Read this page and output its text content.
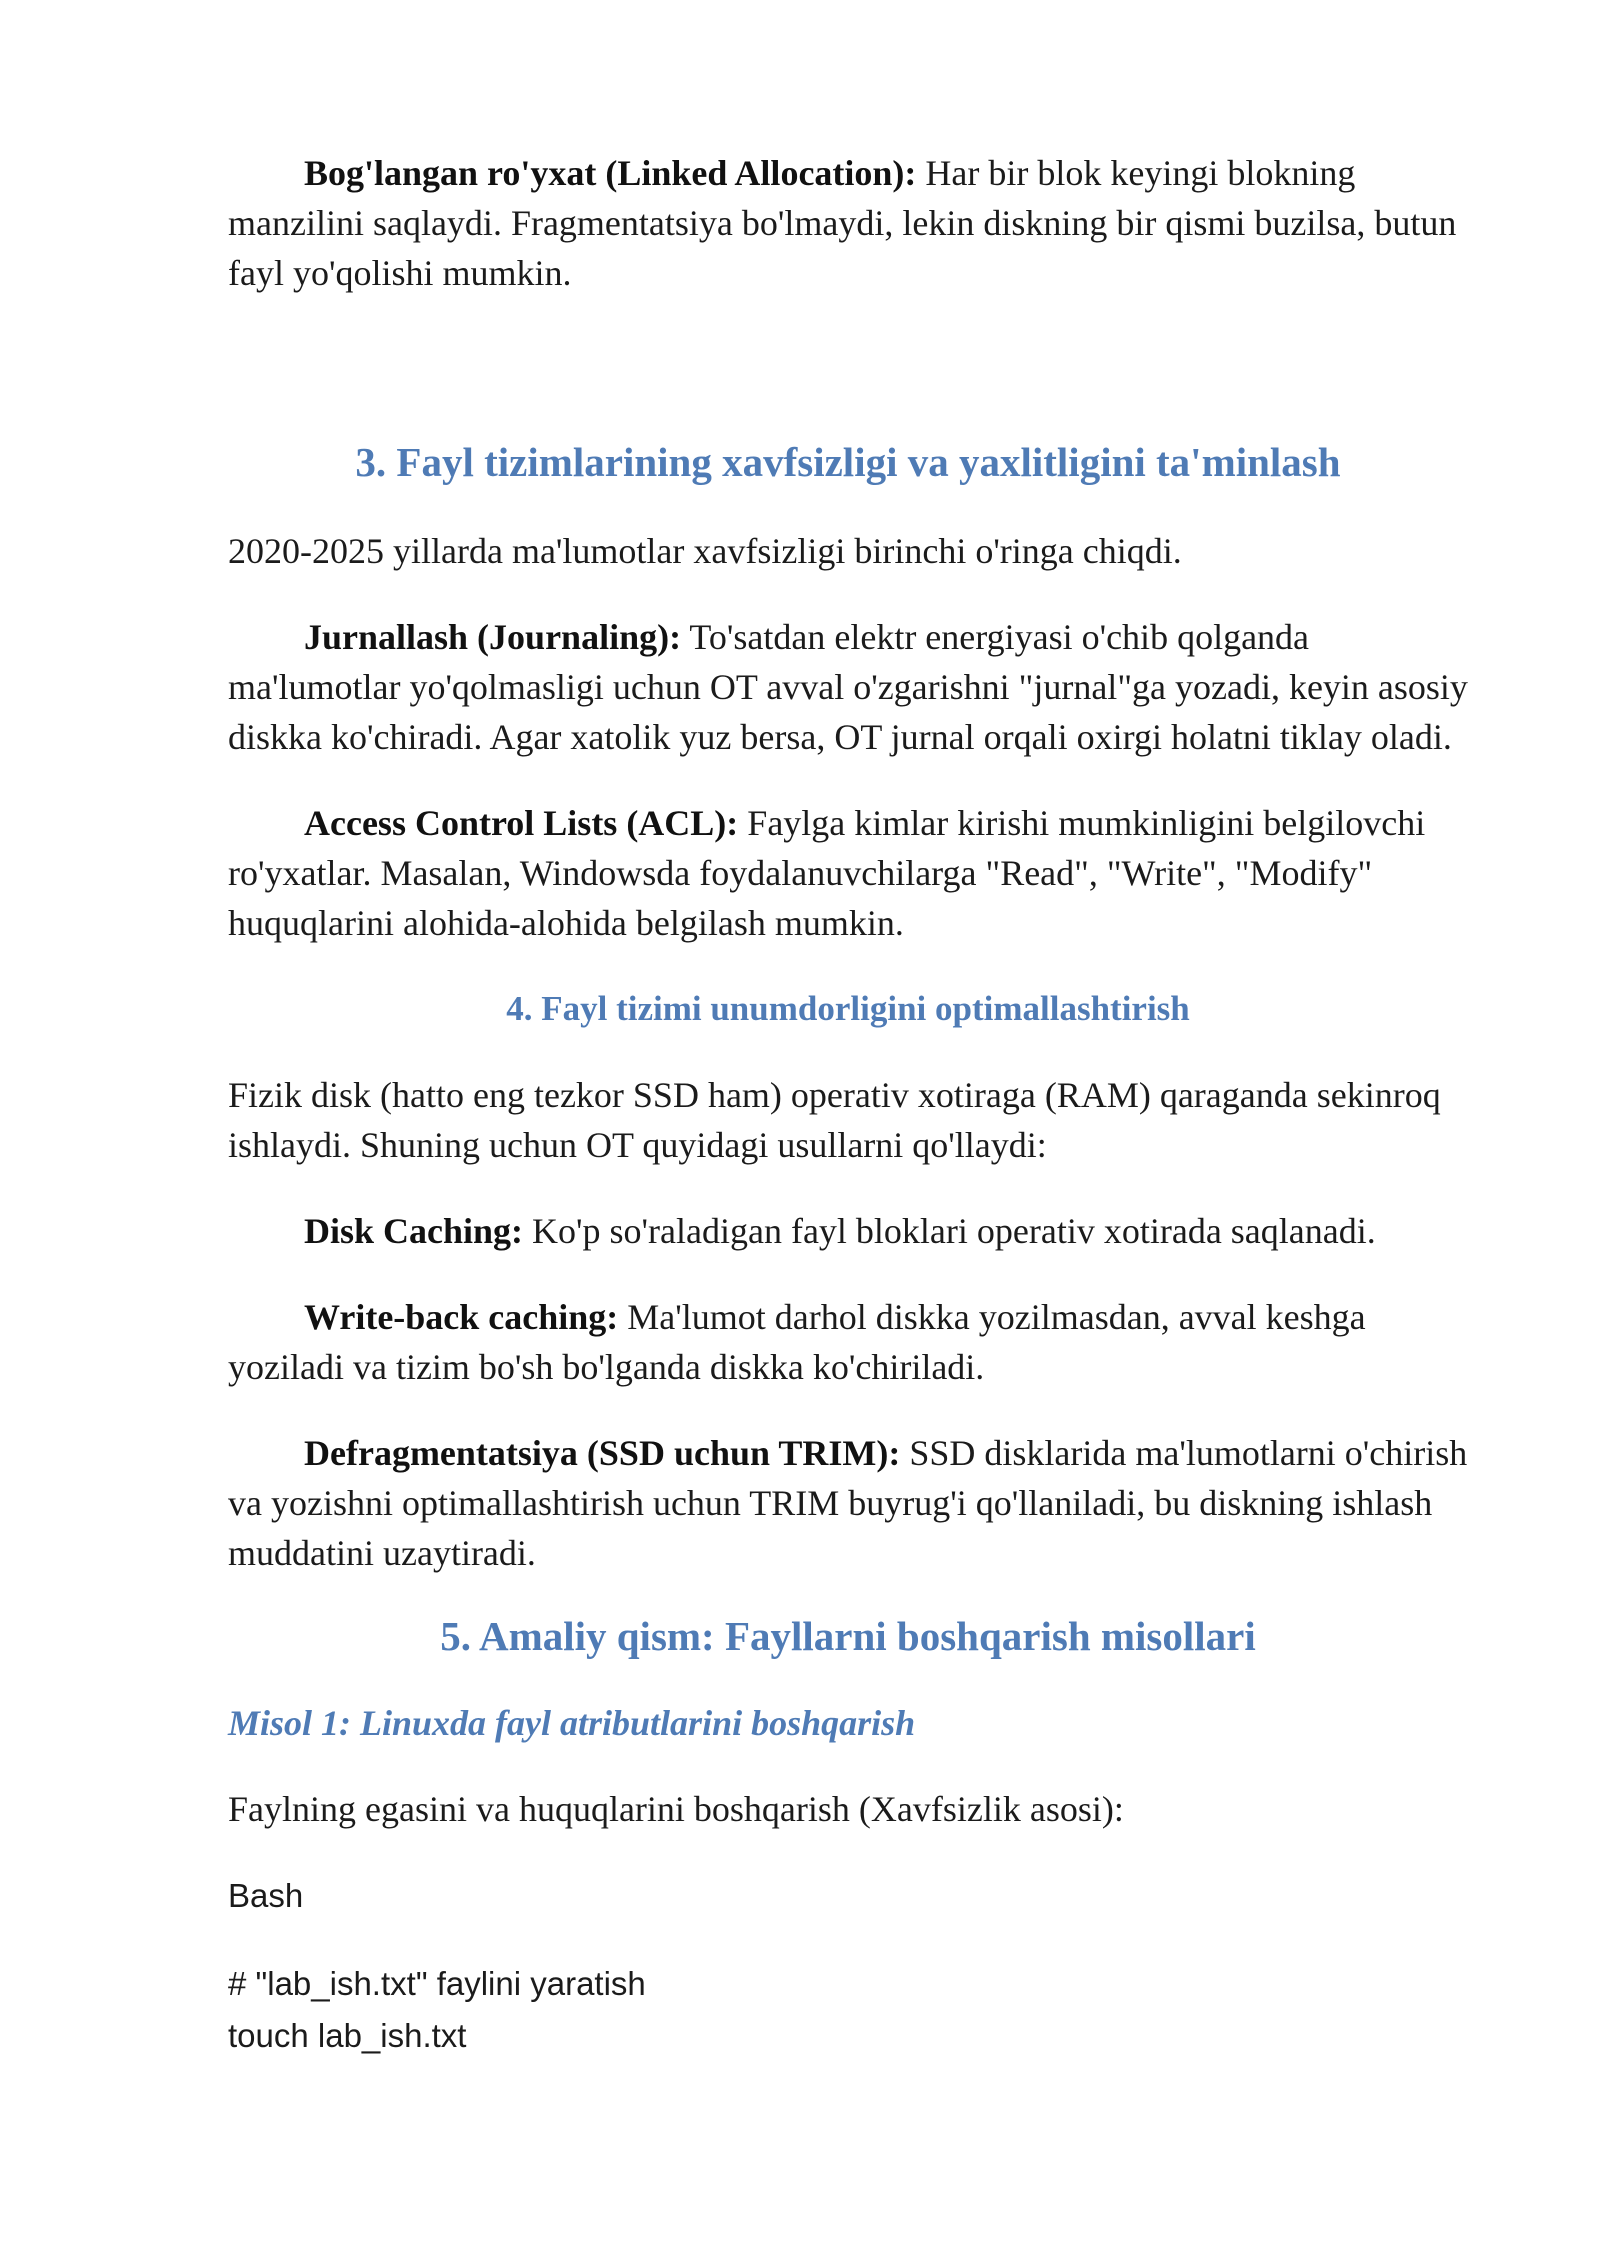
Bog'langan ro'yxat (Linked Allocation): Har bir blok keyingi blokning manzilini saqlaydi. Fragmentatsiya bo'lmaydi, lekin diskning bir qismi buzilsa, butun fayl yo'qolishi mumkin.

3. Fayl tizimlarining xavfsizligi va yaxlitligini ta'minlash

2020-2025 yillarda ma'lumotlar xavfsizligi birinchi o'ringa chiqdi.

Jurnallash (Journaling): To'satdan elektr energiyasi o'chib qolganda ma'lumotlar yo'qolmasligi uchun OT avval o'zgarishni "jurnal"ga yozadi, keyin asosiy diskka ko'chiradi. Agar xatolik yuz bersa, OT jurnal orqali oxirgi holatni tiklay oladi.

Access Control Lists (ACL): Faylga kimlar kirishi mumkinligini belgilovchi ro'yxatlar. Masalan, Windowsda foydalanuvchilarga "Read", "Write", "Modify" huquqlarini alohida-alohida belgilash mumkin.

4. Fayl tizimi unumdorligini optimallashtirish

Fizik disk (hatto eng tezkor SSD ham) operativ xotiraga (RAM) qaraganda sekinroq ishlaydi. Shuning uchun OT quyidagi usullarni qo'llaydi:

Disk Caching: Ko'p so'raladigan fayl bloklari operativ xotirada saqlanadi.

Write-back caching: Ma'lumot darhol diskka yozilmasdan, avval keshga yoziladi va tizim bo'sh bo'lganda diskka ko'chiriladi.

Defragmentatsiya (SSD uchun TRIM): SSD disklarida ma'lumotlarni o'chirish va yozishni optimallashtirish uchun TRIM buyrug'i qo'llaniladi, bu diskning ishlash muddatini uzaytiradi.

5. Amaliy qism: Fayllarni boshqarish misollari
Misol 1: Linuxda fayl atributlarini boshqarish

Faylning egasini va huquqlarini boshqarish (Xavfsizlik asosi):

Bash

# "lab_ish.txt" faylini yaratish

touch lab_ish.txt
